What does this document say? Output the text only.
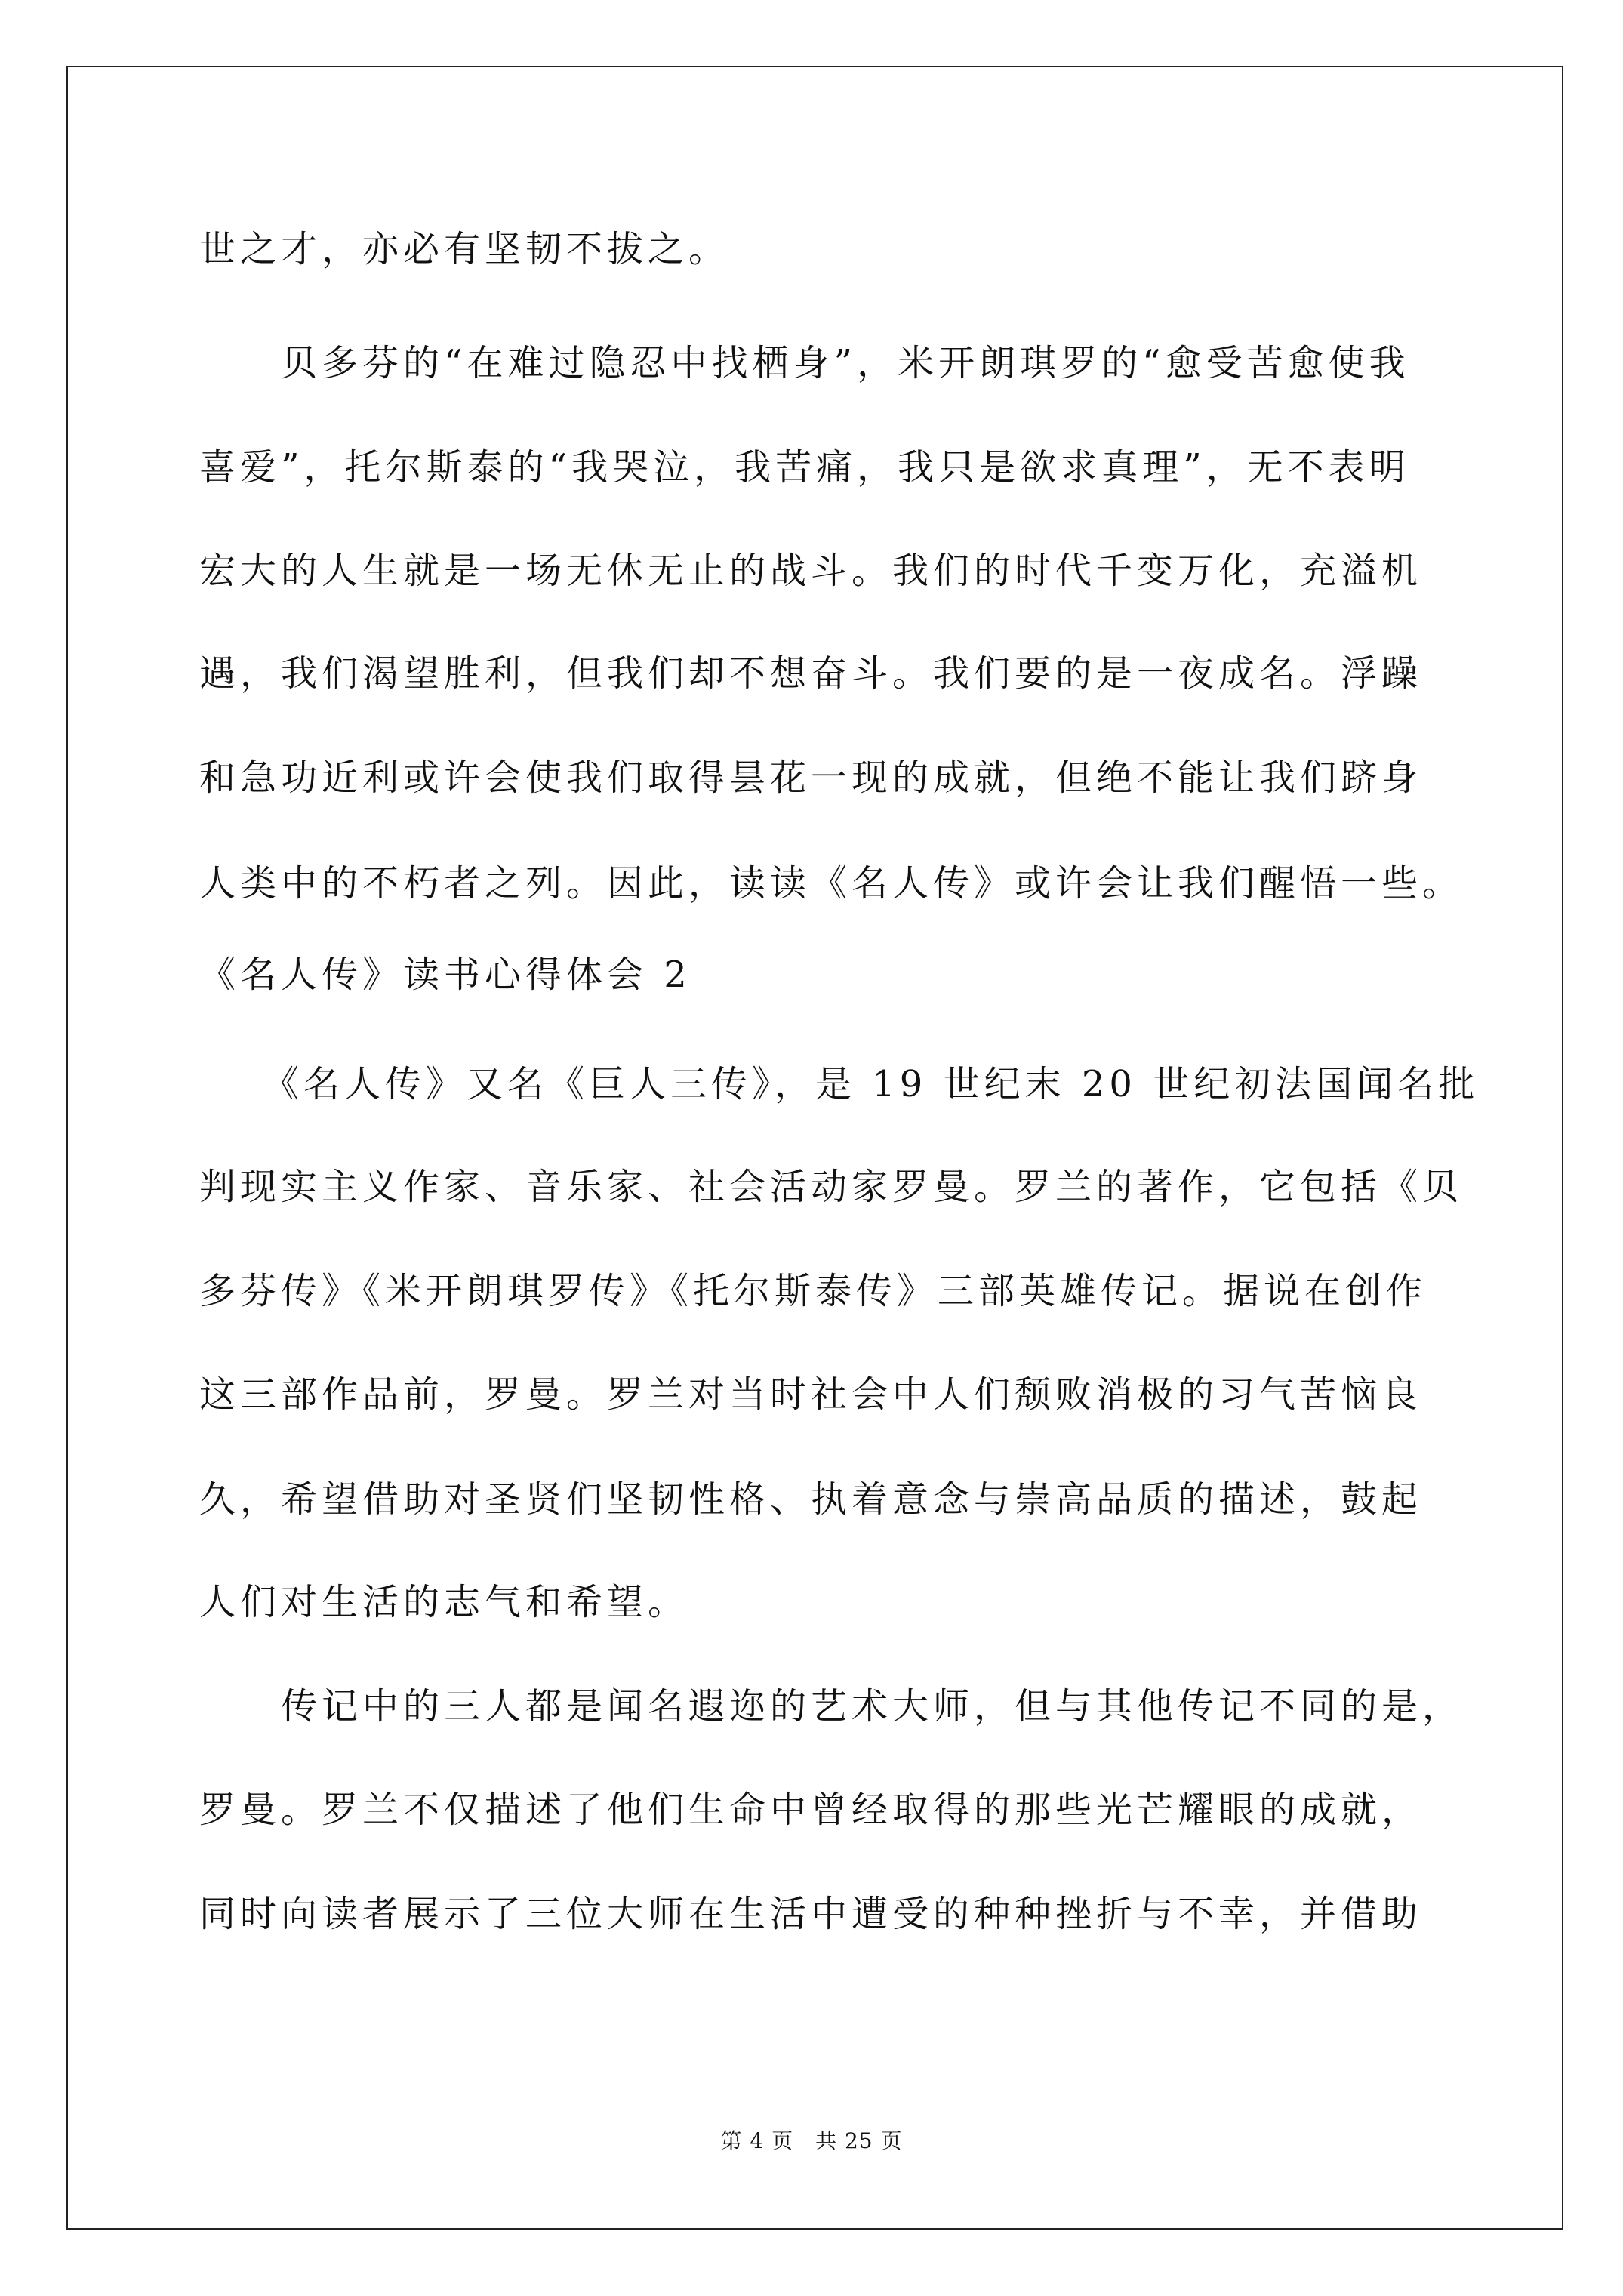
世之才，亦必有坚韧不拔之。
　　贝多芬的“在难过隐忍中找栖身”，米开朗琪罗的“愈受苦愈使我
喜爱”，托尔斯泰的“我哭泣，我苦痛，我只是欲求真理”，无不表明
宏大的人生就是一场无休无止的战斗。我们的时代千变万化，充溢机
遇，我们渴望胜利，但我们却不想奋斗。我们要的是一夜成名。浮躁
和急功近利或许会使我们取得昙花一现的成就，但绝不能让我们跻身
人类中的不朽者之列。因此，读读《名人传》或许会让我们醒悟一些。
《名人传》读书心得体会 2
　　《名人传》又名《巨人三传》，是 19 世纪末 20 世纪初法国闻名批
判现实主义作家、音乐家、社会活动家罗曼。罗兰的著作，它包括《贝
多芬传》《米开朗琪罗传》《托尔斯泰传》三部英雄传记。据说在创作
这三部作品前，罗曼。罗兰对当时社会中人们颓败消极的习气苦恼良
久，希望借助对圣贤们坚韧性格、执着意念与崇高品质的描述，鼓起
人们对生活的志气和希望。
　　传记中的三人都是闻名遐迩的艺术大师，但与其他传记不同的是，
罗曼。罗兰不仅描述了他们生命中曾经取得的那些光芒耀眼的成就，
同时向读者展示了三位大师在生活中遭受的种种挫折与不幸，并借助
第 4 页　共 25 页
